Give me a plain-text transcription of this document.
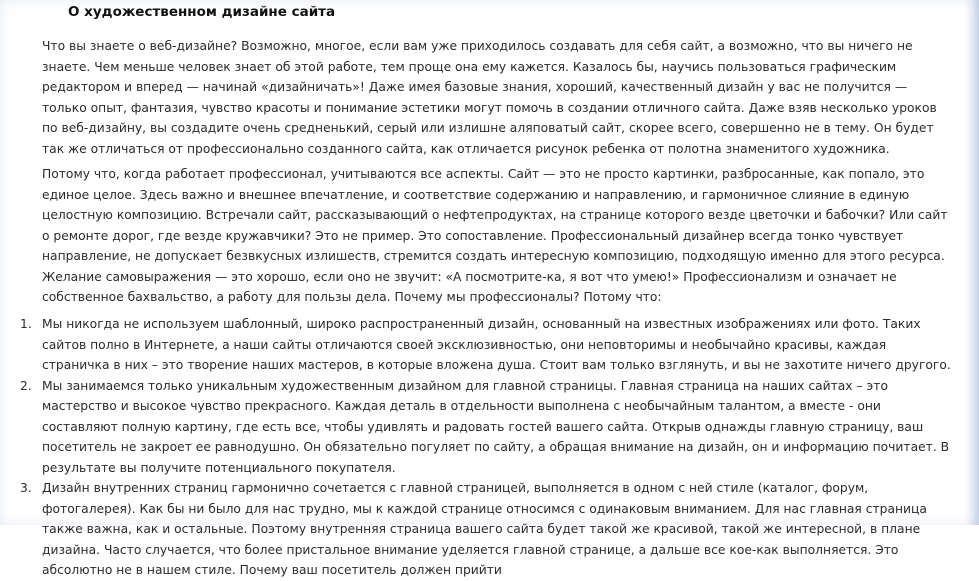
О художественном дизайне сайта

Что вы знаете о веб-дизайне? Возможно, многое, если вам уже приходилось создавать для себя сайт, а возможно, что вы ничего не знаете. Чем меньше человек знает об этой работе, тем проще она ему кажется. Казалось бы, научись пользоваться графическим редактором и вперед — начинай «дизайничать»! Даже имея базовые знания, хороший, качественный дизайн у вас не получится — только опыт, фантазия, чувство красоты и понимание эстетики могут помочь в создании отличного сайта. Даже взяв несколько уроков по веб-дизайну, вы создадите очень средненький, серый или излишне аляповатый сайт, скорее всего, совершенно не в тему. Он будет так же отличаться от профессионально созданного сайта, как отличается рисунок ребенка от полотна знаменитого художника.

Потому что, когда работает профессионал, учитываются все аспекты. Сайт — это не просто картинки, разбросанные, как попало, это единое целое. Здесь важно и внешнее впечатление, и соответствие содержанию и направлению, и гармоничное слияние в единую целостную композицию. Встречали сайт, рассказывающий о нефтепродуктах, на странице которого везде цветочки и бабочки? Или сайт о ремонте дорог, где везде кружавчики? Это не пример. Это сопоставление. Профессиональный дизайнер всегда тонко чувствует направление, не допускает безвкусных излишеств, стремится создать интересную композицию, подходящую именно для этого ресурса. Желание самовыражения — это хорошо, если оно не звучит: «А посмотрите-ка, я вот что умею!» Профессионализм и означает не собственное бахвальство, а работу для пользы дела. Почему мы профессионалы? Потому что:

1. Мы никогда не используем шаблонный, широко распространенный дизайн, основанный на известных изображениях или фото. Таких сайтов полно в Интернете, а наши сайты отличаются своей эксклюзивностью, они неповторимы и необычайно красивы, каждая страничка в них – это творение наших мастеров, в которые вложена душа. Стоит вам только взглянуть, и вы не захотите ничего другого.
2. Мы занимаемся только уникальным художественным дизайном для главной страницы. Главная страница на наших сайтах – это мастерство и высокое чувство прекрасного. Каждая деталь в отдельности выполнена с необычайным талантом, а вместе - они составляют полную картину, где есть все, чтобы удивлять и радовать гостей вашего сайта. Открыв однажды главную страницу, ваш посетитель не закроет ее равнодушно. Он обязательно погуляет по сайту, а обращая внимание на дизайн, он и информацию почитает. В результате вы получите потенциального покупателя.
3. Дизайн внутренних страниц гармонично сочетается с главной страницей, выполняется в одном с ней стиле (каталог, форум, фотогалерея). Как бы ни было для нас трудно, мы к каждой странице относимся с одинаковым вниманием. Для нас главная страница также важна, как и остальные. Поэтому внутренняя страница вашего сайта будет такой же красивой, такой же интересной, в плане дизайна. Часто случается, что более пристальное внимание уделяется главной странице, а дальше все кое-как выполняется. Это абсолютно не в нашем стиле. Почему ваш посетитель должен прийти
